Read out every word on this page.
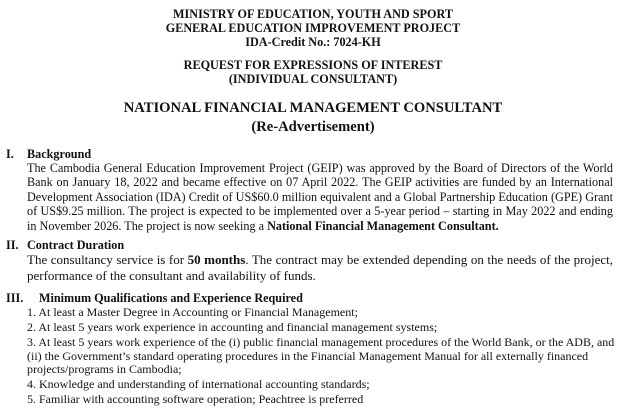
MINISTRY OF EDUCATION, YOUTH AND SPORT
GENERAL EDUCATION IMPROVEMENT PROJECT
IDA-Credit No.: 7024-KH
REQUEST FOR EXPRESSIONS OF INTEREST
(INDIVIDUAL CONSULTANT)
NATIONAL FINANCIAL MANAGEMENT CONSULTANT
(Re-Advertisement)
I. Background
The Cambodia General Education Improvement Project (GEIP) was approved by the Board of Directors of the World Bank on January 18, 2022 and became effective on 07 April 2022. The GEIP activities are funded by an International Development Association (IDA) Credit of US$60.0 million equivalent and a Global Partnership Education (GPE) Grant of US$9.25 million. The project is expected to be implemented over a 5-year period – starting in May 2022 and ending in November 2026. The project is now seeking a National Financial Management Consultant.
II. Contract Duration
The consultancy service is for 50 months. The contract may be extended depending on the needs of the project, performance of the consultant and availability of funds.
III. Minimum Qualifications and Experience Required
1. At least a Master Degree in Accounting or Financial Management;
2. At least 5 years work experience in accounting and financial management systems;
3. At least 5 years work experience of the (i) public financial management procedures of the World Bank, or the ADB, and (ii) the Government’s standard operating procedures in the Financial Management Manual for all externally financed projects/programs in Cambodia;
4. Knowledge and understanding of international accounting standards;
5. Familiar with accounting software operation; Peachtree is preferred
